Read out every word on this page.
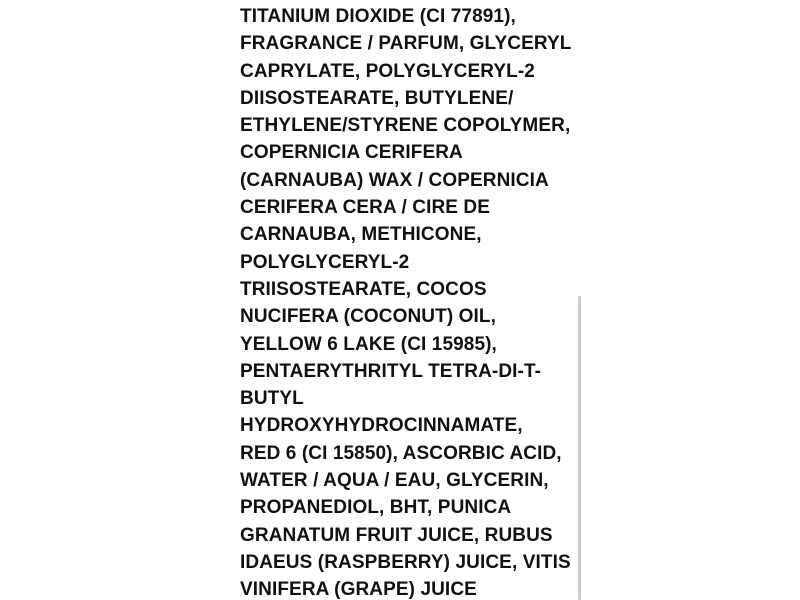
TITANIUM DIOXIDE (CI 77891),
FRAGRANCE / PARFUM, GLYCERYL
CAPRYLATE, POLYGLYCERYL-2
DIISOSTEARATE, BUTYLENE/
ETHYLENE/STYRENE COPOLYMER,
COPERNICIA CERIFERA
(CARNAUBA) WAX / COPERNICIA
CERIFERA CERA / CIRE DE
CARNAUBA, METHICONE,
POLYGLYCERYL-2
TRIISOSTEARATE, COCOS
NUCIFERA (COCONUT) OIL,
YELLOW 6 LAKE (CI 15985),
PENTAERYTHRITYL TETRA-DI-T-
BUTYL
HYDROXYHYDROCINNAMATE,
RED 6 (CI 15850), ASCORBIC ACID,
WATER / AQUA / EAU, GLYCERIN,
PROPANEDIOL, BHT, PUNICA
GRANATUM FRUIT JUICE, RUBUS
IDAEUS (RASPBERRY) JUICE, VITIS
VINIFERA (GRAPE) JUICE
